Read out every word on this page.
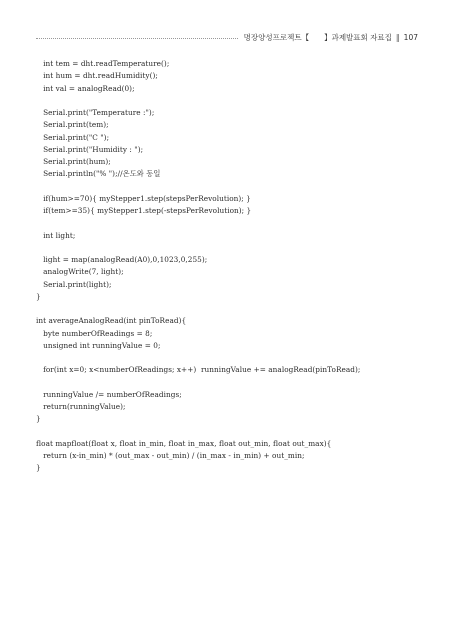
명장양성프로젝트【　　】과제발표회 자료집 ‖ 107
int tem = dht.readTemperature();
int hum = dht.readHumidity();
int val = analogRead(0);
Serial.print("Temperature :");
Serial.print(tem);
Serial.print("C ");
Serial.print("Humidity : ");
Serial.print(hum);
Serial.println("% ");//온도와 동일
if(hum>=70){ myStepper1.step(stepsPerRevolution); }
if(tem>=35){ myStepper1.step(-stepsPerRevolution); }
int light;
light = map(analogRead(A0),0,1023,0,255);
analogWrite(7, light);
Serial.print(light);
}
int averageAnalogRead(int pinToRead){
byte numberOfReadings = 8;
unsigned int runningValue = 0;
for(int x=0; x<numberOfReadings; x++)  runningValue += analogRead(pinToRead);
runningValue /= numberOfReadings;
return(runningValue);
}
float mapfloat(float x, float in_min, float in_max, float out_min, float out_max){
return (x-in_min) * (out_max - out_min) / (in_max - in_min) + out_min;
}
